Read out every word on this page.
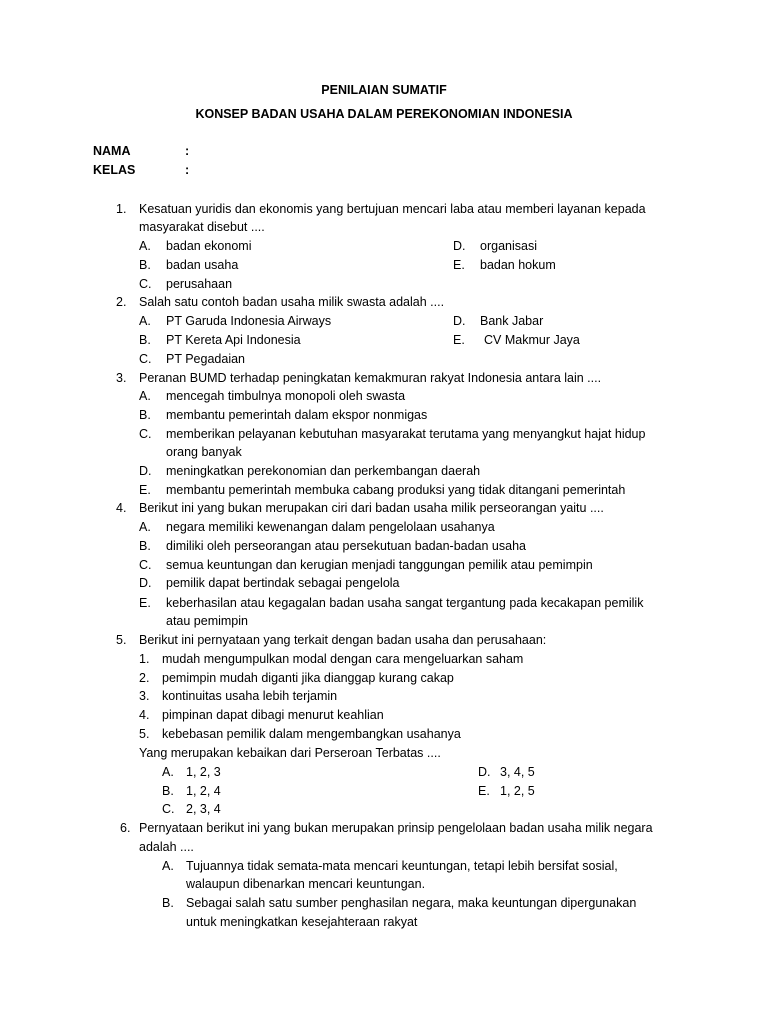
PENILAIAN SUMATIF
KONSEP BADAN USAHA DALAM PEREKONOMIAN INDONESIA
NAMA	:
KELAS	:
1. Kesatuan yuridis dan ekonomis yang bertujuan mencari laba atau memberi layanan kepada
masyarakat disebut ....
A. badan ekonomi	D. organisasi
B. badan usaha	E. badan hokum
C. perusahaan
2. Salah satu contoh badan usaha milik swasta adalah ....
A. PT Garuda Indonesia Airways	D. Bank Jabar
B. PT Kereta Api Indonesia	E. CV Makmur Jaya
C. PT Pegadaian
3. Peranan BUMD terhadap peningkatan kemakmuran rakyat Indonesia antara lain ....
A. mencegah timbulnya monopoli oleh swasta
B. membantu pemerintah dalam ekspor nonmigas
C. memberikan pelayanan kebutuhan masyarakat terutama yang menyangkut hajat hidup
orang banyak
D. meningkatkan perekonomian dan perkembangan daerah
E. membantu pemerintah membuka cabang produksi yang tidak ditangani pemerintah
4. Berikut ini yang bukan merupakan ciri dari badan usaha milik perseorangan yaitu ....
A. negara memiliki kewenangan dalam pengelolaan usahanya
B. dimiliki oleh perseorangan atau persekutuan badan-badan usaha
C. semua keuntungan dan kerugian menjadi tanggungan pemilik atau pemimpin
D. pemilik dapat bertindak sebagai pengelola
E. keberhasilan atau kegagalan badan usaha sangat tergantung pada kecakapan pemilik
atau pemimpin
5. Berikut ini pernyataan yang terkait dengan badan usaha dan perusahaan:
1. mudah mengumpulkan modal dengan cara mengeluarkan saham
2. pemimpin mudah diganti jika dianggap kurang cakap
3. kontinuitas usaha lebih terjamin
4. pimpinan dapat dibagi menurut keahlian
5. kebebasan pemilik dalam mengembangkan usahanya
Yang merupakan kebaikan dari Perseroan Terbatas ....
A. 1, 2, 3	D. 3, 4, 5
B. 1, 2, 4	E. 1, 2, 5
C. 2, 3, 4
6. Pernyataan berikut ini yang bukan merupakan prinsip pengelolaan badan usaha milik negara
adalah ....
A. Tujuannya tidak semata-mata mencari keuntungan, tetapi lebih bersifat sosial,
walaupun dibenarkan mencari keuntungan.
B. Sebagai salah satu sumber penghasilan negara, maka keuntungan dipergunakan
untuk meningkatkan kesejahteraan rakyat
